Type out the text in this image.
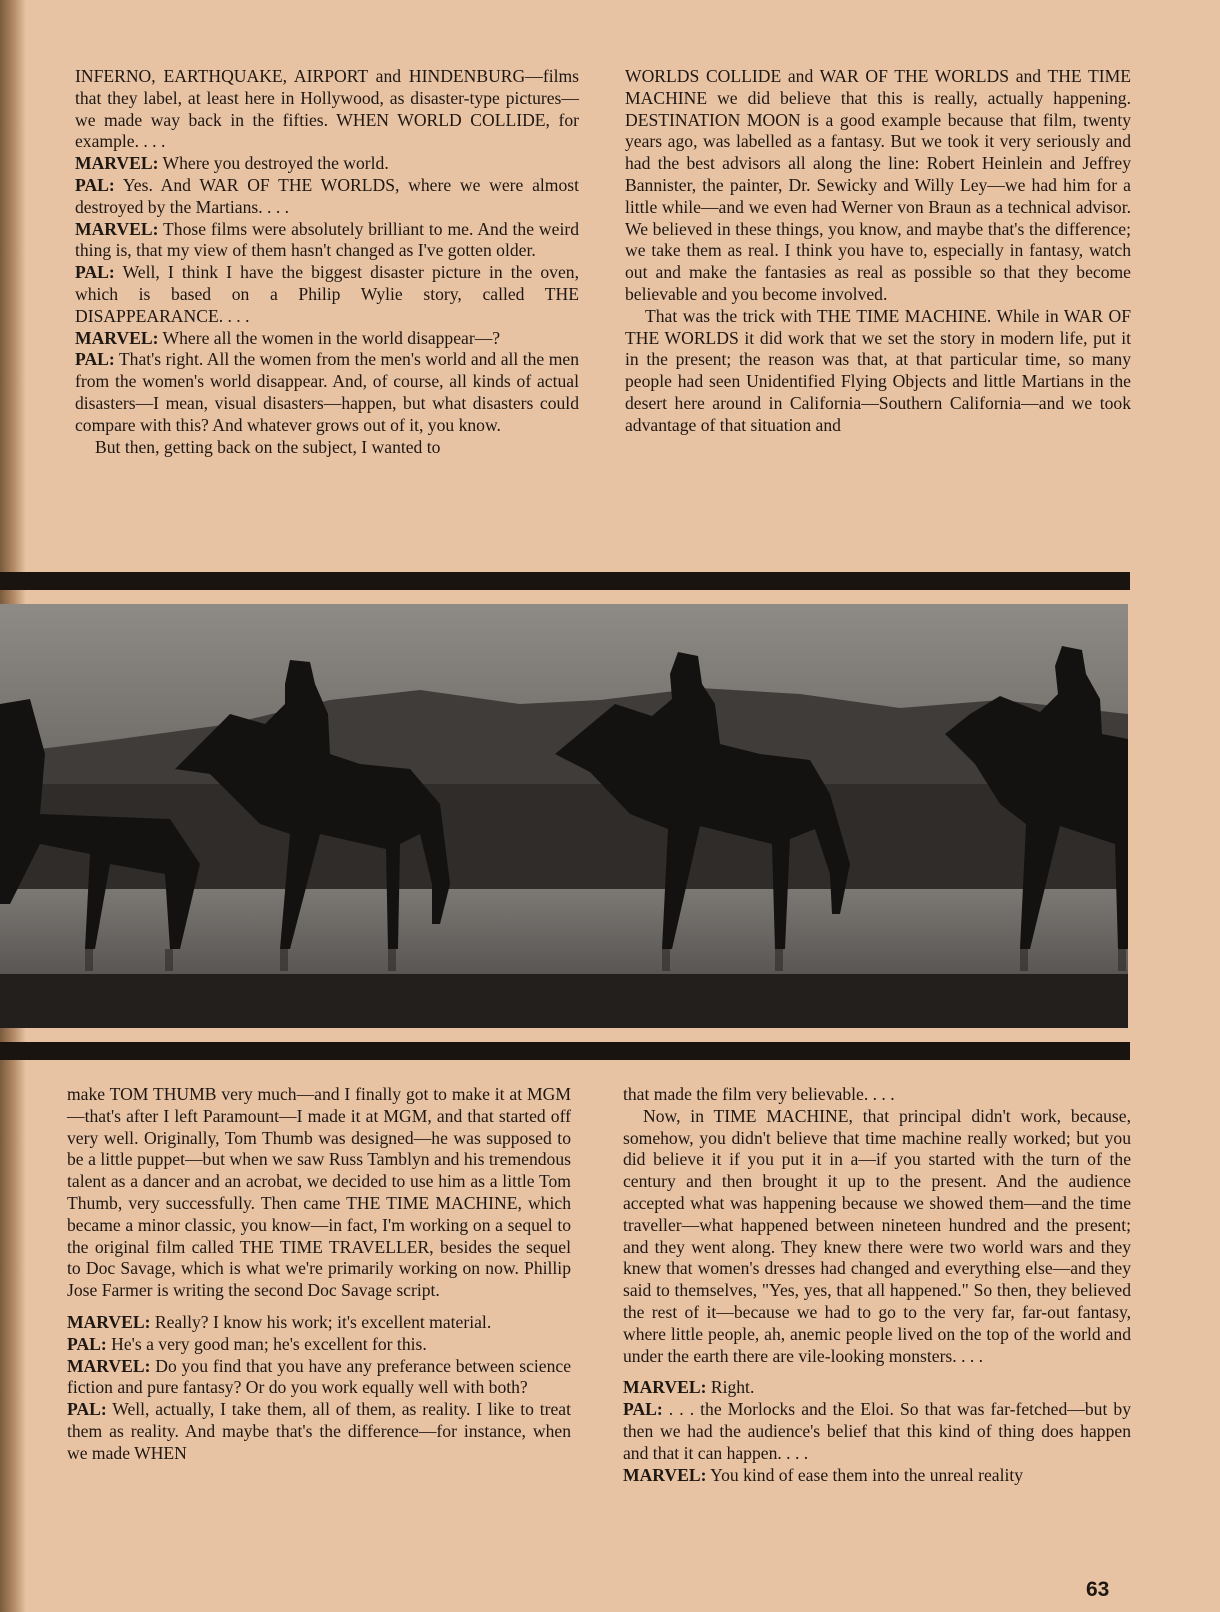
INFERNO, EARTHQUAKE, AIRPORT and HINDENBURG—films that they label, at least here in Hollywood, as disaster-type pictures—we made way back in the fifties. WHEN WORLD COLLIDE, for example. . . .

MARVEL: Where you destroyed the world.

PAL: Yes. And WAR OF THE WORLDS, where we were almost destroyed by the Martians. . . .

MARVEL: Those films were absolutely brilliant to me. And the weird thing is, that my view of them hasn't changed as I've gotten older.

PAL: Well, I think I have the biggest disaster picture in the oven, which is based on a Philip Wylie story, called THE DISAPPEARANCE. . . .

MARVEL: Where all the women in the world disappear—?

PAL: That's right. All the women from the men's world and all the men from the women's world disappear. And, of course, all kinds of actual disasters—I mean, visual disasters—happen, but what disasters could compare with this? And whatever grows out of it, you know.

But then, getting back on the subject, I wanted to

WORLDS COLLIDE and WAR OF THE WORLDS and THE TIME MACHINE we did believe that this is really, actually happening. DESTINATION MOON is a good example because that film, twenty years ago, was labelled as a fantasy. But we took it very seriously and had the best advisors all along the line: Robert Heinlein and Jeffrey Bannister, the painter, Dr. Sewicky and Willy Ley—we had him for a little while—and we even had Werner von Braun as a technical advisor. We believed in these things, you know, and maybe that's the difference; we take them as real. I think you have to, especially in fantasy, watch out and make the fantasies as real as possible so that they become believable and you become involved.

That was the trick with THE TIME MACHINE. While in WAR OF THE WORLDS it did work that we set the story in modern life, put it in the present; the reason was that, at that particular time, so many people had seen Unidentified Flying Objects and little Martians in the desert here around in California—Southern California—and we took advantage of that situation and

make TOM THUMB very much—and I finally got to make it at MGM—that's after I left Paramount—I made it at MGM, and that started off very well. Originally, Tom Thumb was designed—he was supposed to be a little puppet—but when we saw Russ Tamblyn and his tremendous talent as a dancer and an acrobat, we decided to use him as a little Tom Thumb, very successfully. Then came THE TIME MACHINE, which became a minor classic, you know—in fact, I'm working on a sequel to the original film called THE TIME TRAVELLER, besides the sequel to Doc Savage, which is what we're primarily working on now. Phillip Jose Farmer is writing the second Doc Savage script.

MARVEL: Really? I know his work; it's excellent material.

PAL: He's a very good man; he's excellent for this.

MARVEL: Do you find that you have any preferance between science fiction and pure fantasy? Or do you work equally well with both?

PAL: Well, actually, I take them, all of them, as reality. I like to treat them as reality. And maybe that's the difference—for instance, when we made WHEN

that made the film very believable. . . .

Now, in TIME MACHINE, that principal didn't work, because, somehow, you didn't believe that time machine really worked; but you did believe it if you put it in a—if you started with the turn of the century and then brought it up to the present. And the audience accepted what was happening because we showed them—and the time traveller—what happened between nineteen hundred and the present; and they went along. They knew there were two world wars and they knew that women's dresses had changed and everything else—and they said to themselves, "Yes, yes, that all happened." So then, they believed the rest of it—because we had to go to the very far, far-out fantasy, where little people, ah, anemic people lived on the top of the world and under the earth there are vile-looking monsters. . . .

MARVEL: Right.

PAL: . . . the Morlocks and the Eloi. So that was far-fetched—but by then we had the audience's belief that this kind of thing does happen and that it can happen. . . .

MARVEL: You kind of ease them into the unreal reality

63
